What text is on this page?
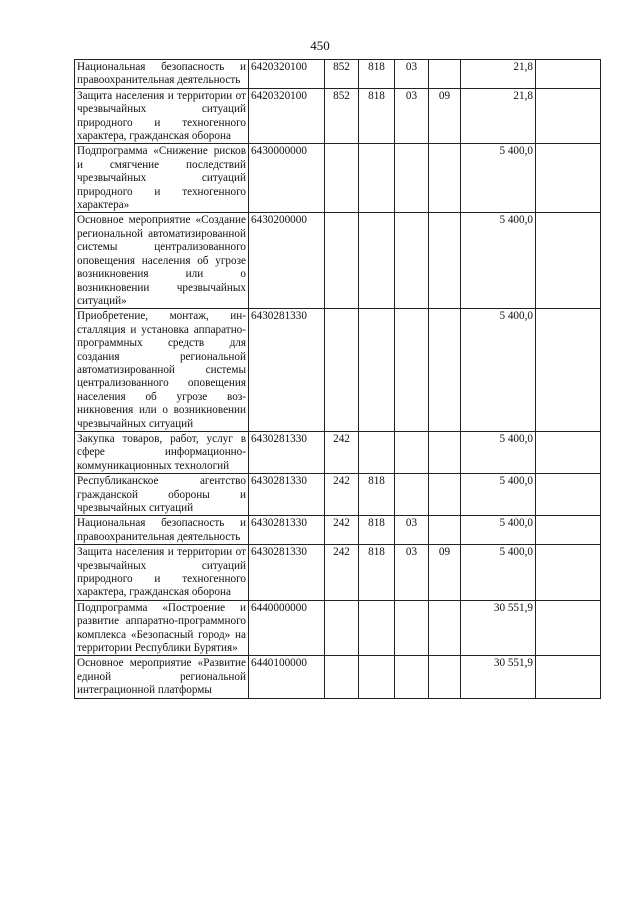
450
Национальная безопасность и правоохранительная деятельность	6420320100	852	818	03		21,8	
Защита населения и территории от чрезвычайных ситуаций природного и техногенного характера, гражданская оборона	6420320100	852	818	03	09	21,8	
Подпрограмма «Снижение рисков и смягчение последствий чрезвычайных ситуаций природного и техногенного характера»	6430000000					5 400,0	
Основное мероприятие «Создание региональной автоматизированной системы централизованного оповещения населения об угрозе возникновения или о возникновении чрезвычайных ситуаций»	6430200000					5 400,0	
Приобретение, монтаж, инсталляция и установка аппаратно-программных средств для создания региональной автоматизированной системы централизованного оповещения населения об угрозе возникновения или о возникновении чрезвычайных ситуаций	6430281330					5 400,0	
Закупка товаров, работ, услуг в сфере информационно-коммуникационных технологий	6430281330	242				5 400,0	
Республиканское агентство гражданской обороны и чрезвычайных ситуаций	6430281330	242	818			5 400,0	
Национальная безопасность и правоохранительная деятельность	6430281330	242	818	03		5 400,0	
Защита населения и территории от чрезвычайных ситуаций природного и техногенного характера, гражданская оборона	6430281330	242	818	03	09	5 400,0	
Подпрограмма «Построение и развитие аппаратно-программного комплекса «Безопасный город» на территории Республики Бурятия»	6440000000					30 551,9	
Основное мероприятие «Развитие единой региональной интеграционной платформы	6440100000					30 551,9	
